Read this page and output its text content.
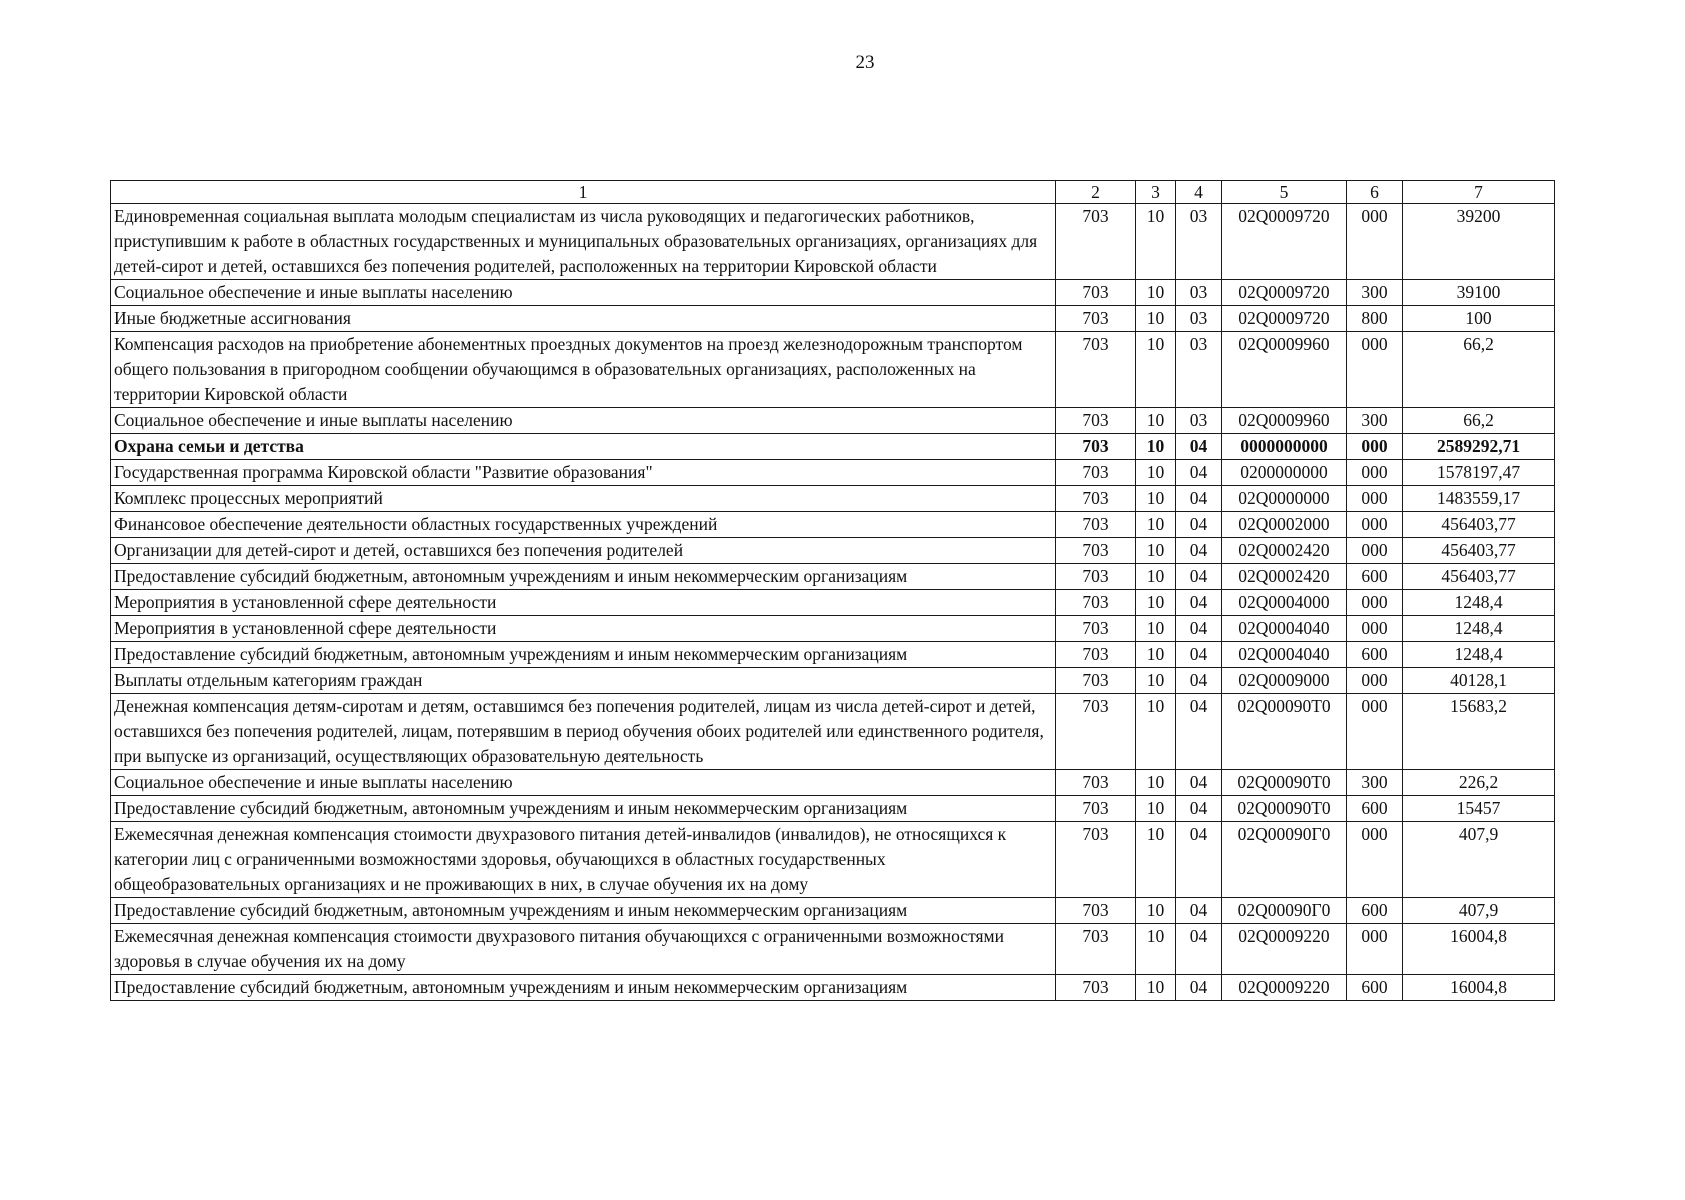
23
1	2	3	4	5	6	7
Единовременная социальная выплата молодым специалистам из числа руководящих и педагогических работников, приступившим к работе в областных государственных и муниципальных образовательных организациях, организациях для детей-сирот и детей, оставшихся без попечения родителей, расположенных на территории Кировской области	703	10	03	02Q0009720	000	39200
Социальное обеспечение и иные выплаты населению	703	10	03	02Q0009720	300	39100
Иные бюджетные ассигнования	703	10	03	02Q0009720	800	100
Компенсация расходов на приобретение абонементных проездных документов на проезд железнодорожным транспортом общего пользования в пригородном сообщении обучающимся в образовательных организациях, расположенных на территории Кировской области	703	10	03	02Q0009960	000	66,2
Социальное обеспечение и иные выплаты населению	703	10	03	02Q0009960	300	66,2
Охрана семьи и детства	703	10	04	0000000000	000	2589292,71
Государственная программа Кировской области "Развитие образования"	703	10	04	0200000000	000	1578197,47
Комплекс процессных мероприятий	703	10	04	02Q0000000	000	1483559,17
Финансовое обеспечение деятельности областных государственных учреждений	703	10	04	02Q0002000	000	456403,77
Организации для детей-сирот и детей, оставшихся без попечения родителей	703	10	04	02Q0002420	000	456403,77
Предоставление субсидий бюджетным, автономным учреждениям и иным некоммерческим организациям	703	10	04	02Q0002420	600	456403,77
Мероприятия в установленной сфере деятельности	703	10	04	02Q0004000	000	1248,4
Мероприятия в установленной сфере деятельности	703	10	04	02Q0004040	000	1248,4
Предоставление субсидий бюджетным, автономным учреждениям и иным некоммерческим организациям	703	10	04	02Q0004040	600	1248,4
Выплаты отдельным категориям граждан	703	10	04	02Q0009000	000	40128,1
Денежная компенсация детям-сиротам и детям, оставшимся без попечения родителей, лицам из числа детей-сирот и детей, оставшихся без попечения родителей, лицам, потерявшим в период обучения обоих родителей или единственного родителя, при выпуске из организаций, осуществляющих образовательную деятельность	703	10	04	02Q00090Т0	000	15683,2
Социальное обеспечение и иные выплаты населению	703	10	04	02Q00090Т0	300	226,2
Предоставление субсидий бюджетным, автономным учреждениям и иным некоммерческим организациям	703	10	04	02Q00090Т0	600	15457
Ежемесячная денежная компенсация стоимости двухразового питания детей-инвалидов (инвалидов), не относящихся к категории лиц с ограниченными возможностями здоровья, обучающихся в областных государственных общеобразовательных организациях и не проживающих в них, в случае обучения их на дому	703	10	04	02Q00090Г0	000	407,9
Предоставление субсидий бюджетным, автономным учреждениям и иным некоммерческим организациям	703	10	04	02Q00090Г0	600	407,9
Ежемесячная денежная компенсация стоимости двухразового питания обучающихся с ограниченными возможностями здоровья в случае обучения их на дому	703	10	04	02Q0009220	000	16004,8
Предоставление субсидий бюджетным, автономным учреждениям и иным некоммерческим организациям	703	10	04	02Q0009220	600	16004,8
